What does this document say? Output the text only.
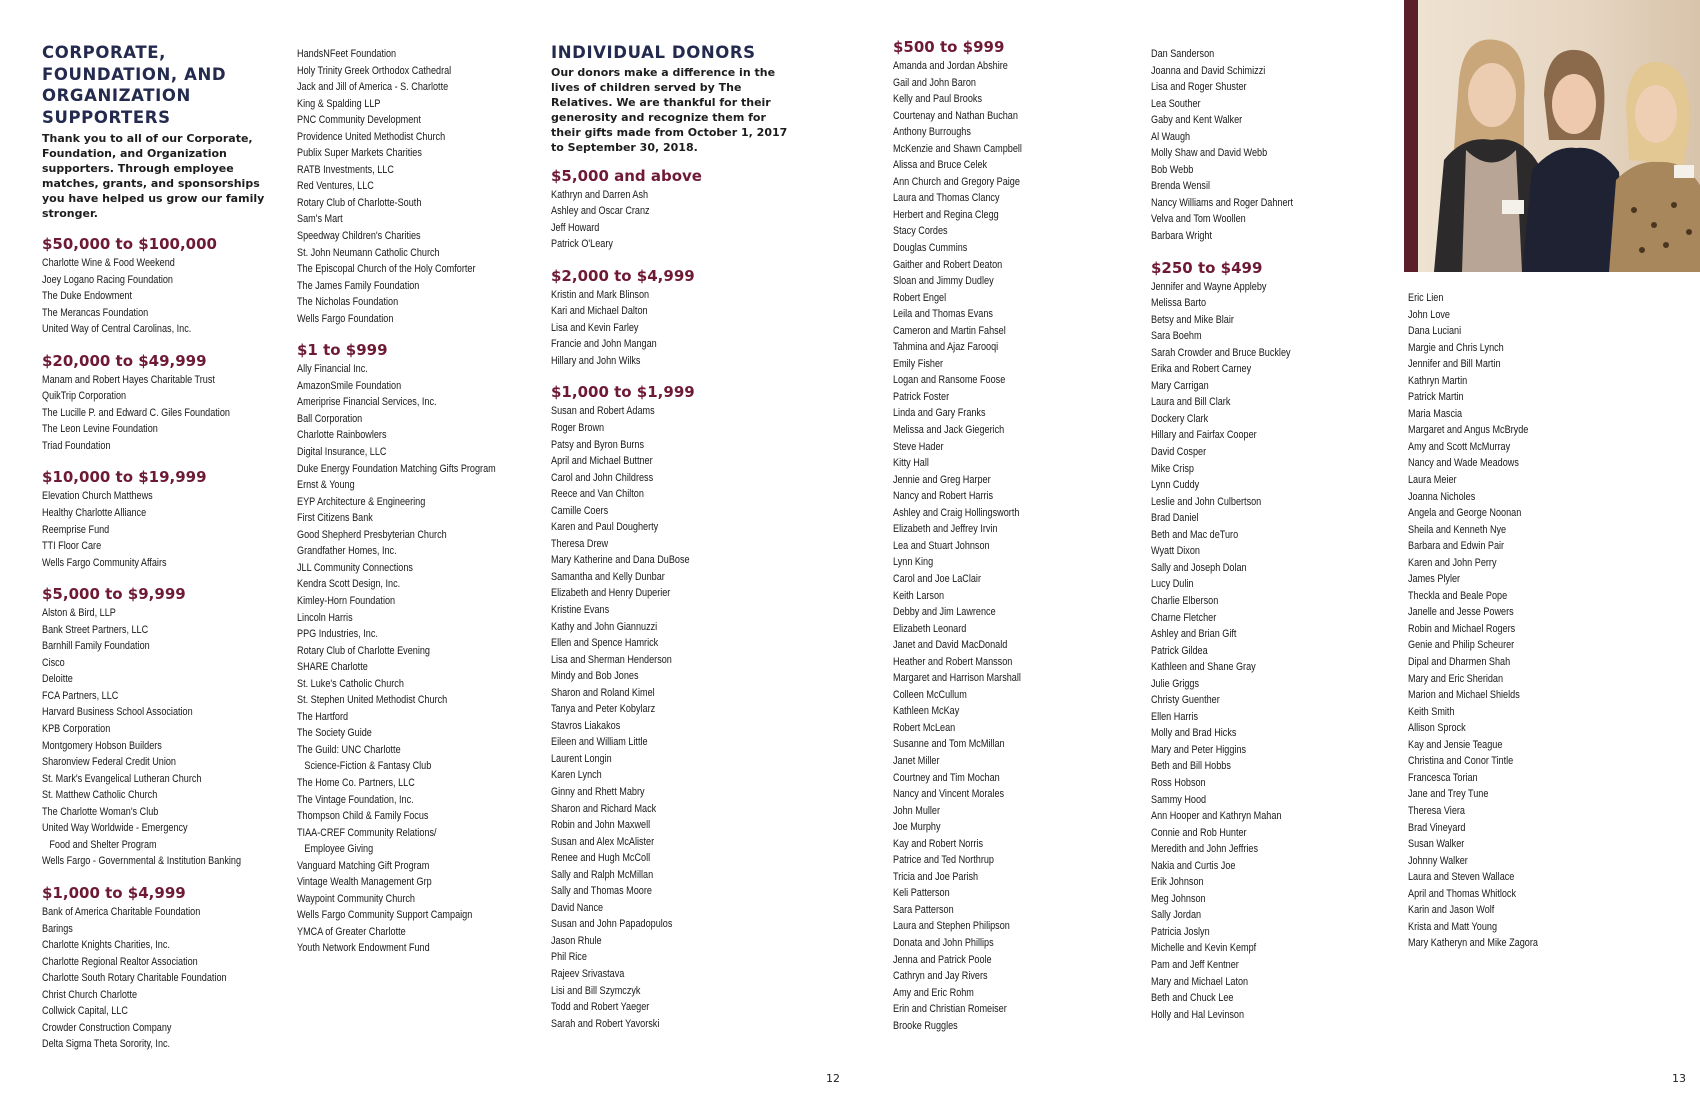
CORPORATE, FOUNDATION, AND ORGANIZATION SUPPORTERS

Thank you to all of our Corporate, Foundation, and Organization supporters. Through employee matches, grants, and sponsorships you have helped us grow our family stronger.

$50,000 to $100,000
Charlotte Wine & Food Weekend
Joey Logano Racing Foundation
The Duke Endowment
The Merancas Foundation
United Way of Central Carolinas, Inc.
$20,000 to $49,999
Manam and Robert Hayes Charitable Trust
QuikTrip Corporation
The Lucille P. and Edward C. Giles Foundation
The Leon Levine Foundation
Triad Foundation
$10,000 to $19,999
Elevation Church Matthews
Healthy Charlotte Alliance
Reemprise Fund
TTI Floor Care
Wells Fargo Community Affairs
$5,000 to $9,999
Alston & Bird, LLP
Bank Street Partners, LLC
Barnhill Family Foundation
Cisco
Deloitte
FCA Partners, LLC
Harvard Business School Association
KPB Corporation
Montgomery Hobson Builders
Sharonview Federal Credit Union
St. Mark's Evangelical Lutheran Church
St. Matthew Catholic Church
The Charlotte Woman's Club
United Way Worldwide - Emergency
Food and Shelter Program
Wells Fargo - Governmental & Institution Banking
$1,000 to $4,999
Bank of America Charitable Foundation
Barings
Charlotte Knights Charities, Inc.
Charlotte Regional Realtor Association
Charlotte South Rotary Charitable Foundation
Christ Church Charlotte
Collwick Capital, LLC
Crowder Construction Company
Delta Sigma Theta Sorority, Inc.
HandsNFeet Foundation
Holy Trinity Greek Orthodox Cathedral
Jack and Jill of America - S. Charlotte
King & Spalding LLP
PNC Community Development
Providence United Methodist Church
Publix Super Markets Charities
RATB Investments, LLC
Red Ventures, LLC
Rotary Club of Charlotte-South
Sam's Mart
Speedway Children's Charities
St. John Neumann Catholic Church
The Episcopal Church of the Holy Comforter
The James Family Foundation
The Nicholas Foundation
Wells Fargo Foundation
$1 to $999
Ally Financial Inc.
AmazonSmile Foundation
Ameriprise Financial Services, Inc.
Ball Corporation
Charlotte Rainbowlers
Digital Insurance, LLC
Duke Energy Foundation Matching Gifts Program
Ernst & Young
EYP Architecture & Engineering
First Citizens Bank
Good Shepherd Presbyterian Church
Grandfather Homes, Inc.
JLL Community Connections
Kendra Scott Design, Inc.
Kimley-Horn Foundation
Lincoln Harris
PPG Industries, Inc.
Rotary Club of Charlotte Evening
SHARE Charlotte
St. Luke's Catholic Church
St. Stephen United Methodist Church
The Hartford
The Society Guide
The Guild: UNC Charlotte
Science-Fiction & Fantasy Club
The Home Co. Partners, LLC
The Vintage Foundation, Inc.
Thompson Child & Family Focus
TIAA-CREF Community Relations/
Employee Giving
Vanguard Matching Gift Program
Vintage Wealth Management Grp
Waypoint Community Church
Wells Fargo Community Support Campaign
YMCA of Greater Charlotte
Youth Network Endowment Fund
INDIVIDUAL DONORS

Our donors make a difference in the lives of children served by The Relatives. We are thankful for their generosity and recognize them for their gifts made from October 1, 2017 to September 30, 2018.

$5,000 and above
Kathryn and Darren Ash
Ashley and Oscar Cranz
Jeff Howard
Patrick O'Leary
$2,000 to $4,999
Kristin and Mark Blinson
Kari and Michael Dalton
Lisa and Kevin Farley
Francie and John Mangan
Hillary and John Wilks
$1,000 to $1,999
Susan and Robert Adams
Roger Brown
Patsy and Byron Burns
April and Michael Buttner
Carol and John Childress
Reece and Van Chilton
Camille Coers
Karen and Paul Dougherty
Theresa Drew
Mary Katherine and Dana DuBose
Samantha and Kelly Dunbar
Elizabeth and Henry Duperier
Kristine Evans
Kathy and John Giannuzzi
Ellen and Spence Hamrick
Lisa and Sherman Henderson
Mindy and Bob Jones
Sharon and Roland Kimel
Tanya and Peter Kobylarz
Stavros Liakakos
Eileen and William Little
Laurent Longin
Karen Lynch
Ginny and Rhett Mabry
Sharon and Richard Mack
Robin and John Maxwell
Susan and Alex McAlister
Renee and Hugh McColl
Sally and Ralph McMillan
Sally and Thomas Moore
David Nance
Susan and John Papadopulos
Jason Rhule
Phil Rice
Rajeev Srivastava
Lisi and Bill Szymczyk
Todd and Robert Yaeger
Sarah and Robert Yavorski
$500 to $999
Amanda and Jordan Abshire
Gail and John Baron
Kelly and Paul Brooks
Courtenay and Nathan Buchan
Anthony Burroughs
McKenzie and Shawn Campbell
Alissa and Bruce Celek
Ann Church and Gregory Paige
Laura and Thomas Clancy
Herbert and Regina Clegg
Stacy Cordes
Douglas Cummins
Gaither and Robert Deaton
Sloan and Jimmy Dudley
Robert Engel
Leila and Thomas Evans
Cameron and Martin Fahsel
Tahmina and Ajaz Farooqi
Emily Fisher
Logan and Ransome Foose
Patrick Foster
Linda and Gary Franks
Melissa and Jack Giegerich
Steve Hader
Kitty Hall
Jennie and Greg Harper
Nancy and Robert Harris
Ashley and Craig Hollingsworth
Elizabeth and Jeffrey Irvin
Lea and Stuart Johnson
Lynn King
Carol and Joe LaClair
Keith Larson
Debby and Jim Lawrence
Elizabeth Leonard
Janet and David MacDonald
Heather and Robert Mansson
Margaret and Harrison Marshall
Colleen McCullum
Kathleen McKay
Robert McLean
Susanne and Tom McMillan
Janet Miller
Courtney and Tim Mochan
Nancy and Vincent Morales
John Muller
Joe Murphy
Kay and Robert Norris
Patrice and Ted Northrup
Tricia and Joe Parish
Keli Patterson
Sara Patterson
Laura and Stephen Philipson
Donata and John Phillips
Jenna and Patrick Poole
Cathryn and Jay Rivers
Amy and Eric Rohm
Erin and Christian Romeiser
Brooke Ruggles
Dan Sanderson
Joanna and David Schimizzi
Lisa and Roger Shuster
Lea Souther
Gaby and Kent Walker
Al Waugh
Molly Shaw and David Webb
Bob Webb
Brenda Wensil
Nancy Williams and Roger Dahnert
Velva and Tom Woollen
Barbara Wright
$250 to $499
Jennifer and Wayne Appleby
Melissa Barto
Betsy and Mike Blair
Sara Boehm
Sarah Crowder and Bruce Buckley
Erika and Robert Carney
Mary Carrigan
Laura and Bill Clark
Dockery Clark
Hillary and Fairfax Cooper
David Cosper
Mike Crisp
Lynn Cuddy
Leslie and John Culbertson
Brad Daniel
Beth and Mac deTuro
Wyatt Dixon
Sally and Joseph Dolan
Lucy Dulin
Charlie Elberson
Charne Fletcher
Ashley and Brian Gift
Patrick Gildea
Kathleen and Shane Gray
Julie Griggs
Christy Guenther
Ellen Harris
Molly and Brad Hicks
Mary and Peter Higgins
Beth and Bill Hobbs
Ross Hobson
Sammy Hood
Ann Hooper and Kathryn Mahan
Connie and Rob Hunter
Meredith and John Jeffries
Nakia and Curtis Joe
Erik Johnson
Meg Johnson
Sally Jordan
Patricia Joslyn
Michelle and Kevin Kempf
Pam and Jeff Kentner
Mary and Michael Laton
Beth and Chuck Lee
Holly and Hal Levinson
Eric Lien
John Love
Dana Luciani
Margie and Chris Lynch
Jennifer and Bill Martin
Kathryn Martin
Patrick Martin
Maria Mascia
Margaret and Angus McBryde
Amy and Scott McMurray
Nancy and Wade Meadows
Laura Meier
Joanna Nicholes
Angela and George Noonan
Sheila and Kenneth Nye
Barbara and Edwin Pair
Karen and John Perry
James Plyler
Theckla and Beale Pope
Janelle and Jesse Powers
Robin and Michael Rogers
Genie and Philip Scheurer
Dipal and Dharmen Shah
Mary and Eric Sheridan
Marion and Michael Shields
Keith Smith
Allison Sprock
Kay and Jensie Teague
Christina and Conor Tintle
Francesca Torian
Jane and Trey Tune
Theresa Viera
Brad Vineyard
Susan Walker
Johnny Walker
Laura and Steven Wallace
April and Thomas Whitlock
Karin and Jason Wolf
Krista and Matt Young
Mary Katheryn and Mike Zagora
12	13
